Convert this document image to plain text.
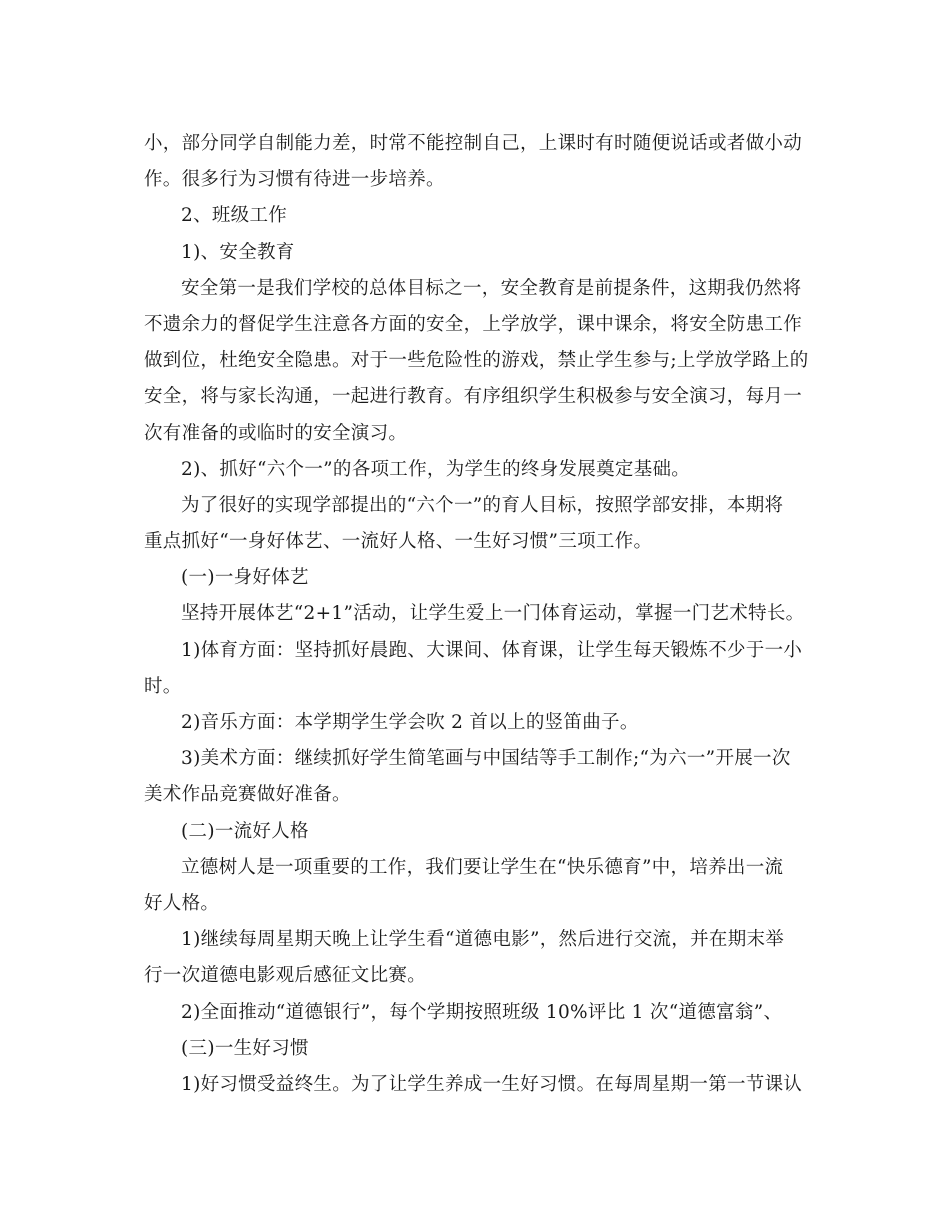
小，部分同学自制能力差，时常不能控制自己，上课时有时随便说话或者做小动
作。很多行为习惯有待进一步培养。
2、班级工作
1)、安全教育
安全第一是我们学校的总体目标之一，安全教育是前提条件，这期我仍然将
不遗余力的督促学生注意各方面的安全，上学放学，课中课余，将安全防患工作
做到位，杜绝安全隐患。对于一些危险性的游戏，禁止学生参与;上学放学路上的
安全，将与家长沟通，一起进行教育。有序组织学生积极参与安全演习，每月一
次有准备的或临时的安全演习。
2)、抓好“六个一”的各项工作，为学生的终身发展奠定基础。
为了很好的实现学部提出的“六个一”的育人目标，按照学部安排，本期将
重点抓好“一身好体艺、一流好人格、一生好习惯”三项工作。
(一)一身好体艺
坚持开展体艺“2+1”活动，让学生爱上一门体育运动，掌握一门艺术特长。
1)体育方面：坚持抓好晨跑、大课间、体育课，让学生每天锻炼不少于一小
时。
2)音乐方面：本学期学生学会吹 2 首以上的竖笛曲子。
3)美术方面：继续抓好学生简笔画与中国结等手工制作;“为六一”开展一次
美术作品竞赛做好准备。
(二)一流好人格
立德树人是一项重要的工作，我们要让学生在“快乐德育”中，培养出一流
好人格。
1)继续每周星期天晚上让学生看“道德电影”，然后进行交流，并在期末举
行一次道德电影观后感征文比赛。
2)全面推动“道德银行”，每个学期按照班级 10%评比 1 次“道德富翁”、
(三)一生好习惯
1)好习惯受益终生。为了让学生养成一生好习惯。在每周星期一第一节课认
